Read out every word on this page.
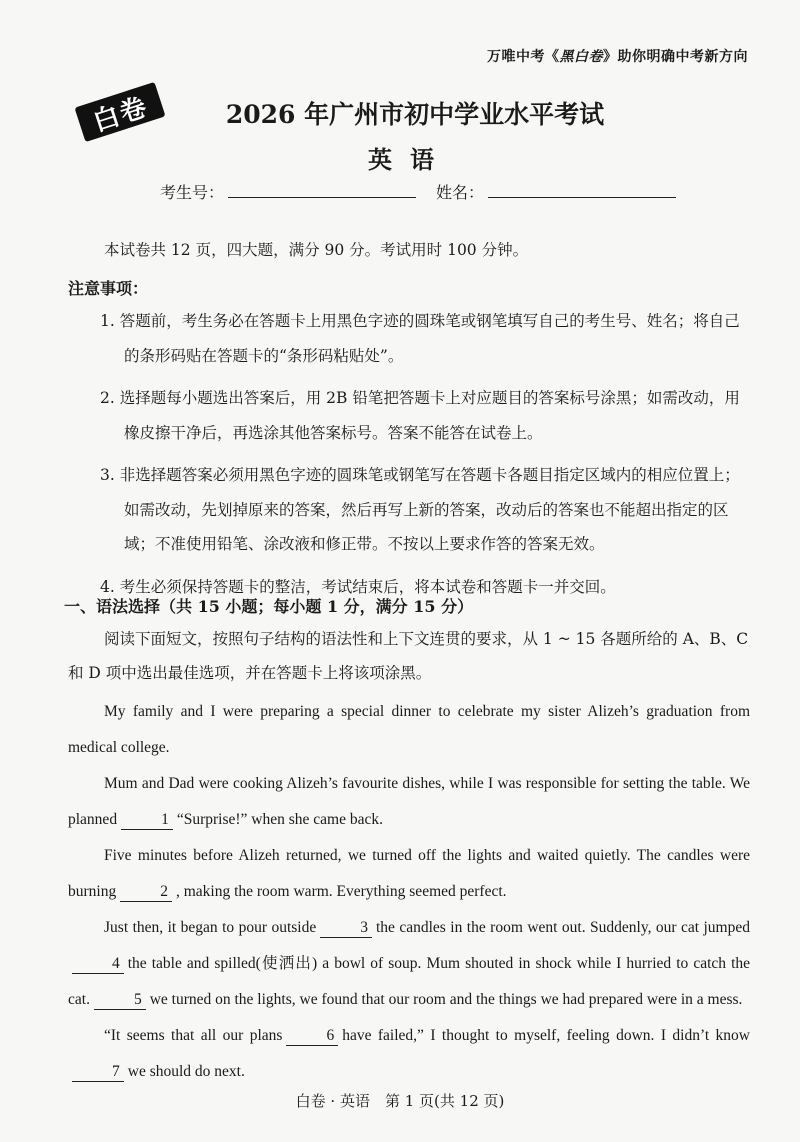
万唯中考《黑白卷》助你明确中考新方向
白卷	2026 年广州市初中学业水平考试
英语
考生号：	姓名：
本试卷共 12 页，四大题，满分 90 分。考试用时 100 分钟。
注意事项：

1. 答题前，考生务必在答题卡上用黑色字迹的圆珠笔或钢笔填写自己的考生号、姓名；将自己的条形码贴在答题卡的“条形码粘贴处”。

2. 选择题每小题选出答案后，用 2B 铅笔把答题卡上对应题目的答案标号涂黑；如需改动，用橡皮擦干净后，再选涂其他答案标号。答案不能答在试卷上。

3. 非选择题答案必须用黑色字迹的圆珠笔或钢笔写在答题卡各题目指定区域内的相应位置上；如需改动，先划掉原来的答案，然后再写上新的答案，改动后的答案也不能超出指定的区域；不准使用铅笔、涂改液和修正带。不按以上要求作答的答案无效。

4. 考生必须保持答题卡的整洁，考试结束后，将本试卷和答题卡一并交回。

一、语法选择（共 15 小题；每小题 1 分，满分 15 分）
阅读下面短文，按照句子结构的语法性和上下文连贯的要求，从 1 ~ 15 各题所给的 A、B、C 和 D 项中选出最佳选项，并在答题卡上将该项涂黑。

My family and I were preparing a special dinner to celebrate my sister Alizeh’s graduation from medical college.

Mum and Dad were cooking Alizeh’s favourite dishes, while I was responsible for setting the table. We planned	1 “Surprise!” when she came back.

Five minutes before Alizeh returned, we turned off the lights and waited quietly. The candles were burning	2 , making the room warm. Everything seemed perfect.

Just then, it began to pour outside	3 the candles in the room went out. Suddenly, our cat jumped4 the table and spilled(使洒出) a bowl of soup. Mum shouted in shock while I hurried to catch the cat.	5 we turned on the lights, we found that our room and the things we had prepared were in a mess.

“It seems that all our plans	6 have failed,” I thought to myself, feeling down. I didn’t know7 we should do next.

白卷 · 英语　第 1 页(共 12 页)
